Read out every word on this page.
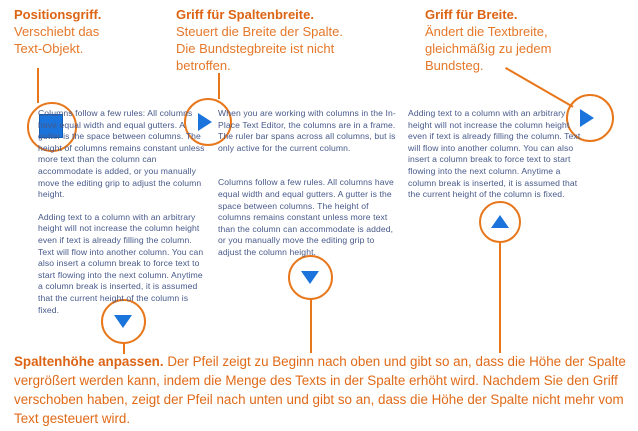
Positionsgriff.
Verschiebt das Text-Objekt.
Griff für Spaltenbreite.
Steuert die Breite der Spalte. Die Bundstegbreite ist nicht betroffen.
Griff für Breite.
Ändert die Textbreite, gleichmäßig zu jedem Bundsteg.

Columns follow a few rules: All columns have equal width and equal gutters. A gutter is the space between columns. The height of columns remains constant unless more text than the column can accommodate is added, or you manually move the editing grip to adjust the column height.

Adding text to a column with an arbitrary height will not increase the column height even if text is already filling the column. Text will flow into another column. You can also insert a column break to force text to start flowing into the next column. Anytime a column break is inserted, it is assumed that the current height of the column is fixed.

When you are working with columns in the In-Place Text Editor, the columns are in a frame. The ruler bar spans across all columns, but is only active for the current column.

Columns follow a few rules. All columns have equal width and equal gutters. A gutter is the space between columns. The height of columns remains constant unless more text than the column can accommodate is added, or you manually move the editing grip to adjust the column height.

Adding text to a column with an arbitrary height will not increase the column height even if text is already filling the column. Text will flow into another column. You can also insert a column break to force text to start flowing into the next column. Anytime a column break is inserted, it is assumed that the current height of the column is fixed.

Spaltenhöhe anpassen. Der Pfeil zeigt zu Beginn nach oben und gibt so an, dass die Höhe der Spalte vergrößert werden kann, indem die Menge des Texts in der Spalte erhöht wird. Nachdem Sie den Griff verschoben haben, zeigt der Pfeil nach unten und gibt so an, dass die Höhe der Spalte nicht mehr vom Text gesteuert wird.
